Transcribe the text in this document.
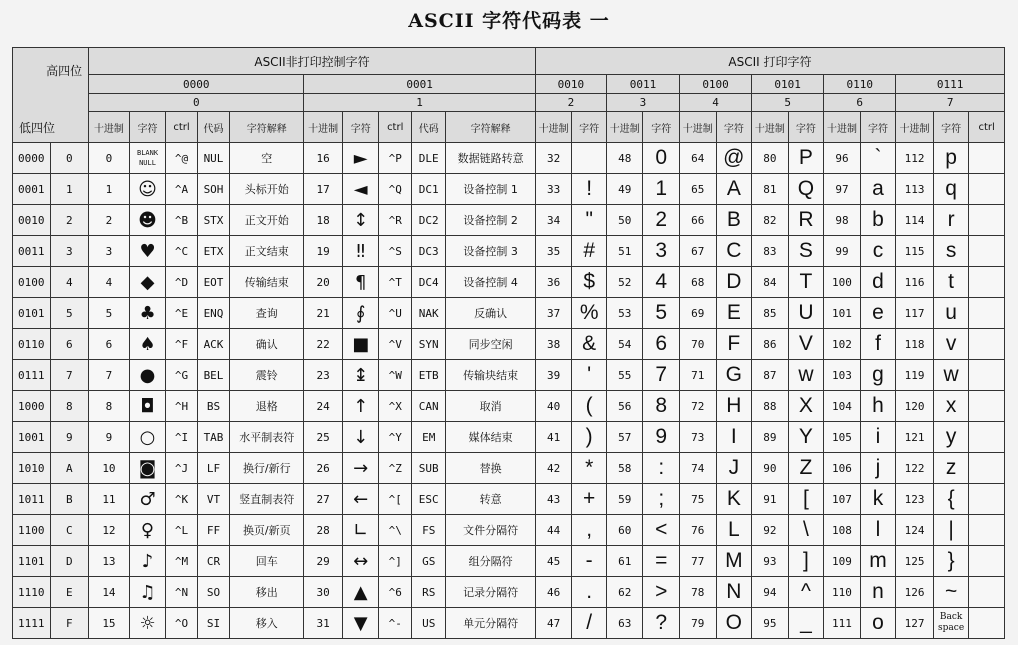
ASCII 字符代码表 一
高四位
低四位		ASCII非打印控制字符										ASCII 打印字符												
		0000					0001					0010		0011		0100		0101		0110		0111		
		0					1					2		3		4		5		6		7		
		十进制	字符	ctrl	代码	字符解释	十进制	字符	ctrl	代码	字符解释	十进制	字符	十进制	字符	十进制	字符	十进制	字符	十进制	字符	十进制	字符	ctrl
0000	0	0	BLANK NULL	^@	NUL	空	16	►	^P	DLE	数据链路转意	32		48	0	64	@	80	P	96	`	112	p	
0001	1	1	☺	^A	SOH	头标开始	17	◄	^Q	DC1	设备控制 1	33	!	49	1	65	A	81	Q	97	a	113	q	
0010	2	2	☻	^B	STX	正文开始	18	↕	^R	DC2	设备控制 2	34	"	50	2	66	B	82	R	98	b	114	r	
0011	3	3	♥	^C	ETX	正文结束	19	‼	^S	DC3	设备控制 3	35	#	51	3	67	C	83	S	99	c	115	s	
0100	4	4	◆	^D	EOT	传输结束	20	¶	^T	DC4	设备控制 4	36	$	52	4	68	D	84	T	100	d	116	t	
0101	5	5	♣	^E	ENQ	查询	21	∮	^U	NAK	反确认	37	%	53	5	69	E	85	U	101	e	117	u	
0110	6	6	♠	^F	ACK	确认	22	■	^V	SYN	同步空闲	38	&	54	6	70	F	86	V	102	f	118	v	
0111	7	7	●	^G	BEL	震铃	23	↨	^W	ETB	传输块结束	39	'	55	7	71	G	87	w	103	g	119	w	
1000	8	8	◘	^H	BS	退格	24	↑	^X	CAN	取消	40	(	56	8	72	H	88	X	104	h	120	x	
1001	9	9	○	^I	TAB	水平制表符	25	↓	^Y	EM	媒体结束	41	)	57	9	73	I	89	Y	105	i	121	y	
1010	A	10	◙	^J	LF	换行/新行	26	→	^Z	SUB	替换	42	*	58	:	74	J	90	Z	106	j	122	z	
1011	B	11	♂	^K	VT	竖直制表符	27	←	^[	ESC	转意	43	+	59	;	75	K	91	[	107	k	123	{	
1100	C	12	♀	^L	FF	换页/新页	28	∟	^\	FS	文件分隔符	44	,	60	<	76	L	92	\	108	l	124	|	
1101	D	13	♪	^M	CR	回车	29	↔	^]	GS	组分隔符	45	-	61	=	77	M	93	]	109	m	125	}	
1110	E	14	♫	^N	SO	移出	30	▲	^6	RS	记录分隔符	46	.	62	>	78	N	94	^	110	n	126	~	
1111	F	15	☼	^O	SI	移入	31	▼	^-	US	单元分隔符	47	/	63	?	79	O	95	_	111	o	127	Back space	
